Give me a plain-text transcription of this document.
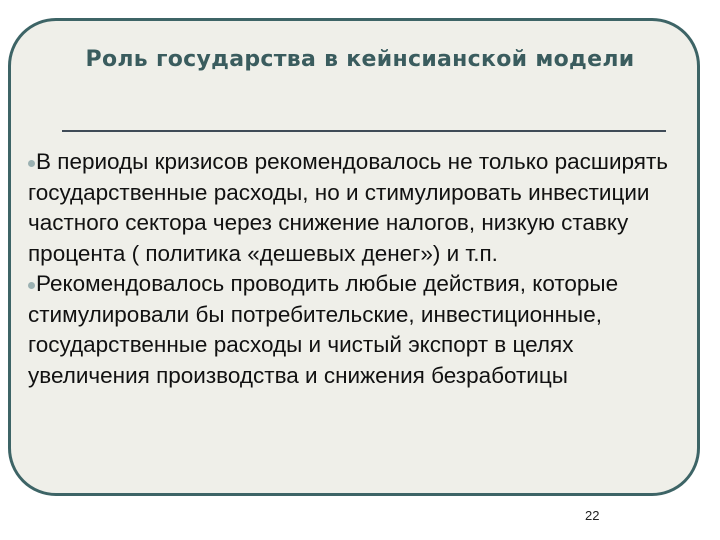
Роль государства в кейнсианской модели

В периоды кризисов рекомендовалось не только расширять государственные расходы, но и стимулировать инвестиции частного сектора через снижение налогов, низкую ставку процента ( политика «дешевых денег») и т.п.

Рекомендовалось проводить любые действия, которые стимулировали бы потребительские, инвестиционные, государственные расходы и чистый экспорт в целях увеличения производства и снижения безработицы

22
